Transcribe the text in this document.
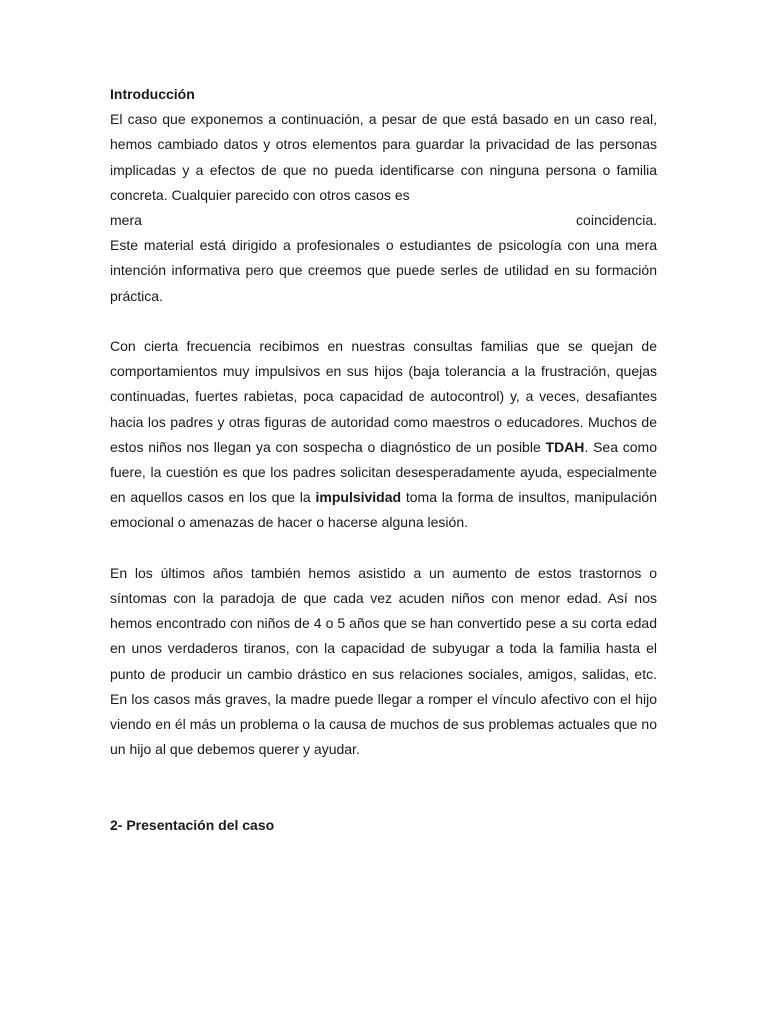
Introducción

El caso que exponemos a continuación, a pesar de que está basado en un caso real, hemos cambiado datos y otros elementos para guardar la privacidad de las personas implicadas y a efectos de que no pueda identificarse con ninguna persona o familia concreta. Cualquier parecido con otros casos es
mera coincidencia.
Este material está dirigido a profesionales o estudiantes de psicología con una mera intención informativa pero que creemos que puede serles de utilidad en su formación práctica.

Con cierta frecuencia recibimos en nuestras consultas familias que se quejan de comportamientos muy impulsivos en sus hijos (baja tolerancia a la frustración, quejas continuadas, fuertes rabietas, poca capacidad de autocontrol) y, a veces, desafiantes hacia los padres y otras figuras de autoridad como maestros o educadores. Muchos de estos niños nos llegan ya con sospecha o diagnóstico de un posible TDAH. Sea como fuere, la cuestión es que los padres solicitan desesperadamente ayuda, especialmente en aquellos casos en los que la impulsividad toma la forma de insultos, manipulación emocional o amenazas de hacer o hacerse alguna lesión.

En los últimos años también hemos asistido a un aumento de estos trastornos o síntomas con la paradoja de que cada vez acuden niños con menor edad. Así nos hemos encontrado con niños de 4 o 5 años que se han convertido pese a su corta edad en unos verdaderos tiranos, con la capacidad de subyugar a toda la familia hasta el punto de producir un cambio drástico en sus relaciones sociales, amigos, salidas, etc. En los casos más graves, la madre puede llegar a romper el vínculo afectivo con el hijo viendo en él más un problema o la causa de muchos de sus problemas actuales que no un hijo al que debemos querer y ayudar.

2- Presentación del caso
